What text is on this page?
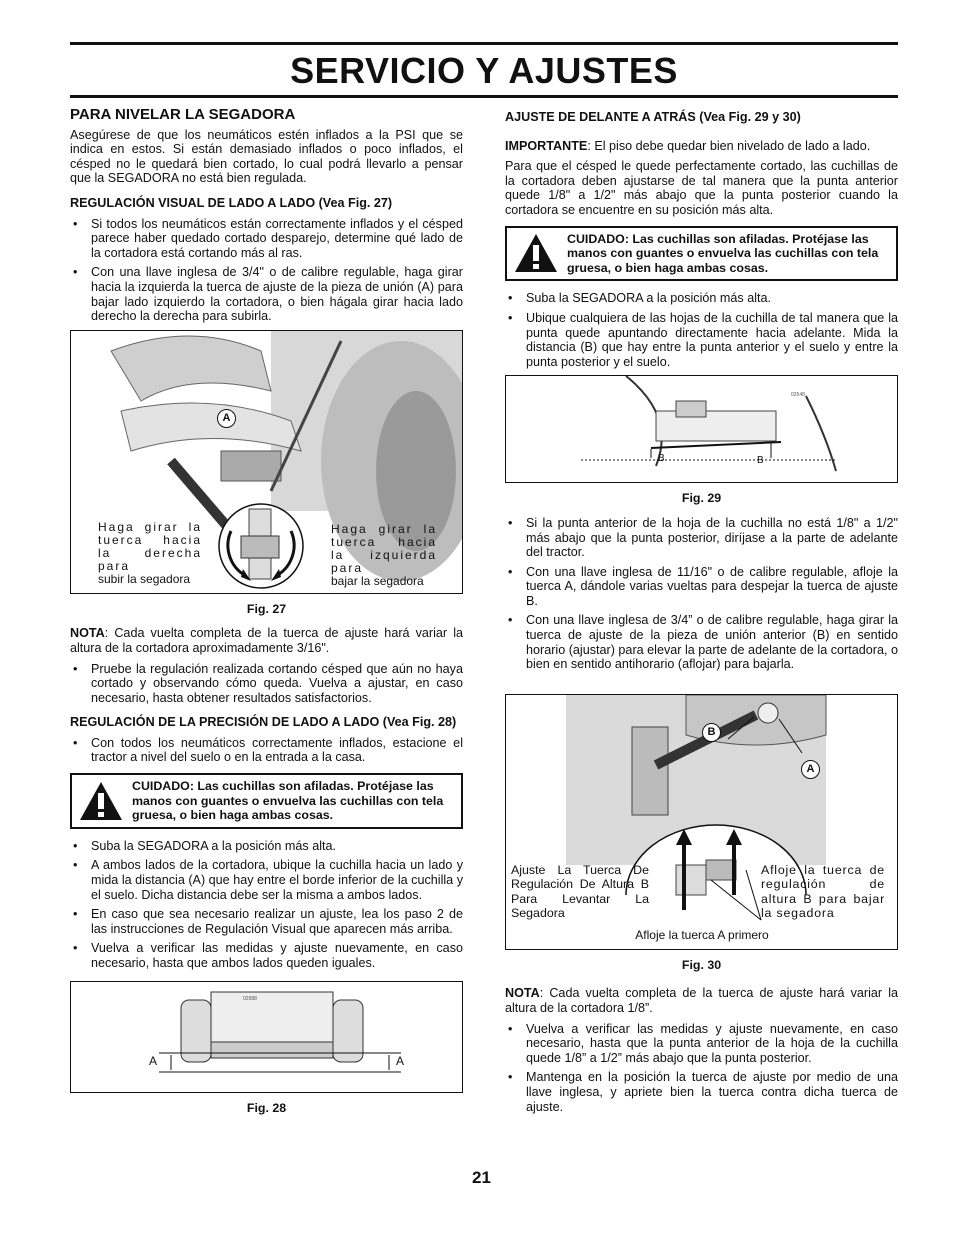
SERVICIO Y AJUSTES
PARA NIVELAR LA SEGADORA

Asegúrese de que los neumáticos estén inflados a la PSI que se indica en estos. Si están demasiado inflados o poco inflados, el césped no le quedará bien cortado, lo cual podrá llevarlo a pensar que la SEGADORA no está bien regulada.

REGULACIÓN VISUAL DE LADO A LADO (Vea Fig. 27)
• Si todos los neumáticos están correctamente inflados y el césped parece haber quedado cortado desparejo, determine qué lado de la cortadora está cortando más al ras.
• Con una llave inglesa de 3/4" o de calibre regulable, haga girar hacia la izquierda la tuerca de ajuste de la pieza de unión (A) para bajar lado izquierdo la cortadora, o bien hágala girar hacia lado derecho la derecha para subirla.
A
Haga girar la tuerca hacia la derecha para
subir la segadora
Haga girar la tuerca hacia la izquierda para
bajar la segadora
Fig. 27

NOTA: Cada vuelta completa de la tuerca de ajuste hará variar la altura de la cortadora aproximadamente 3/16".

• Pruebe la regulación realizada cortando césped que aún no haya cortado y observando cómo queda. Vuelva a ajustar, en caso necesario, hasta obtener resultados satisfactorios.
REGULACIÓN DE LA PRECISIÓN DE LADO A LADO (Vea Fig. 28)
• Con todos los neumáticos correctamente inflados, estacione el tractor a nivel del suelo o en la entrada a la casa.
CUIDADO: Las cuchillas son afiladas. Protéjase las manos con guantes o envuelva las cuchillas con tela gruesa, o bien haga ambas cosas.
• Suba la SEGADORA a la posición más alta.
• A ambos lados de la cortadora, ubique la cuchilla hacia un lado y mida la distancia (A) que hay entre el borde inferior de la cuchilla y el suelo. Dicha distancia debe ser la misma a ambos lados.
• En caso que sea necesario realizar un ajuste, lea los paso 2 de las instrucciones de Regulación Visual que aparecen más arriba.
• Vuelva a verificar las medidas y ajuste nuevamente, en caso necesario, hasta que ambos lados queden iguales.
02988
A	A
Fig. 28
AJUSTE DE DELANTE A ATRÁS (Vea Fig. 29 y 30)

IMPORTANTE: El piso debe quedar bien nivelado de lado a lado.

Para que el césped le quede perfectamente cortado, las cuchillas de la cortadora deben ajustarse de tal manera que la punta anterior quede 1/8" a 1/2" más abajo que la punta posterior cuando la cortadora se encuentre en su posición más alta.

CUIDADO: Las cuchillas son afiladas. Protéjase las manos con guantes o envuelva las cuchillas con tela gruesa, o bien haga ambas cosas.
• Suba la SEGADORA a la posición más alta.
• Ubique cualquiera de las hojas de la cuchilla de tal manera que la punta quede apuntando directamente hacia adelante. Mida la distancia (B) que hay entre la punta anterior y el suelo y entre la punta posterior y el suelo.
02548
B	B
Fig. 29
• Si la punta anterior de la hoja de la cuchilla no está 1/8" a 1/2" más abajo que la punta posterior, diríjase a la parte de adelante del tractor.
• Con una llave inglesa de 11/16" o de calibre regulable, afloje la tuerca A, dándole varias vueltas para despejar la tuerca de ajuste B.
• Con una llave inglesa de 3/4” o de calibre regulable, haga girar la tuerca de ajuste de la pieza de unión anterior (B) en sentido horario (ajustar) para elevar la parte de adelante de la cortadora, o bien en sentido antihorario (aflojar) para bajarla.
B
A
Ajuste La Tuerca De Regulación De Altura B Para Levantar La Segadora
Afloje la tuerca de regulación de altura B para bajar la segadora
Afloje la tuerca A primero
Fig. 30

NOTA: Cada vuelta completa de la tuerca de ajuste hará variar la altura de la cortadora 1/8”.

• Vuelva a verificar las medidas y ajuste nuevamente, en caso necesario, hasta que la punta anterior de la hoja de la cuchilla quede 1/8” a 1/2” más abajo que la punta posterior.
• Mantenga en la posición la tuerca de ajuste por medio de una llave inglesa, y apriete bien la tuerca contra dicha tuerca de ajuste.
21
